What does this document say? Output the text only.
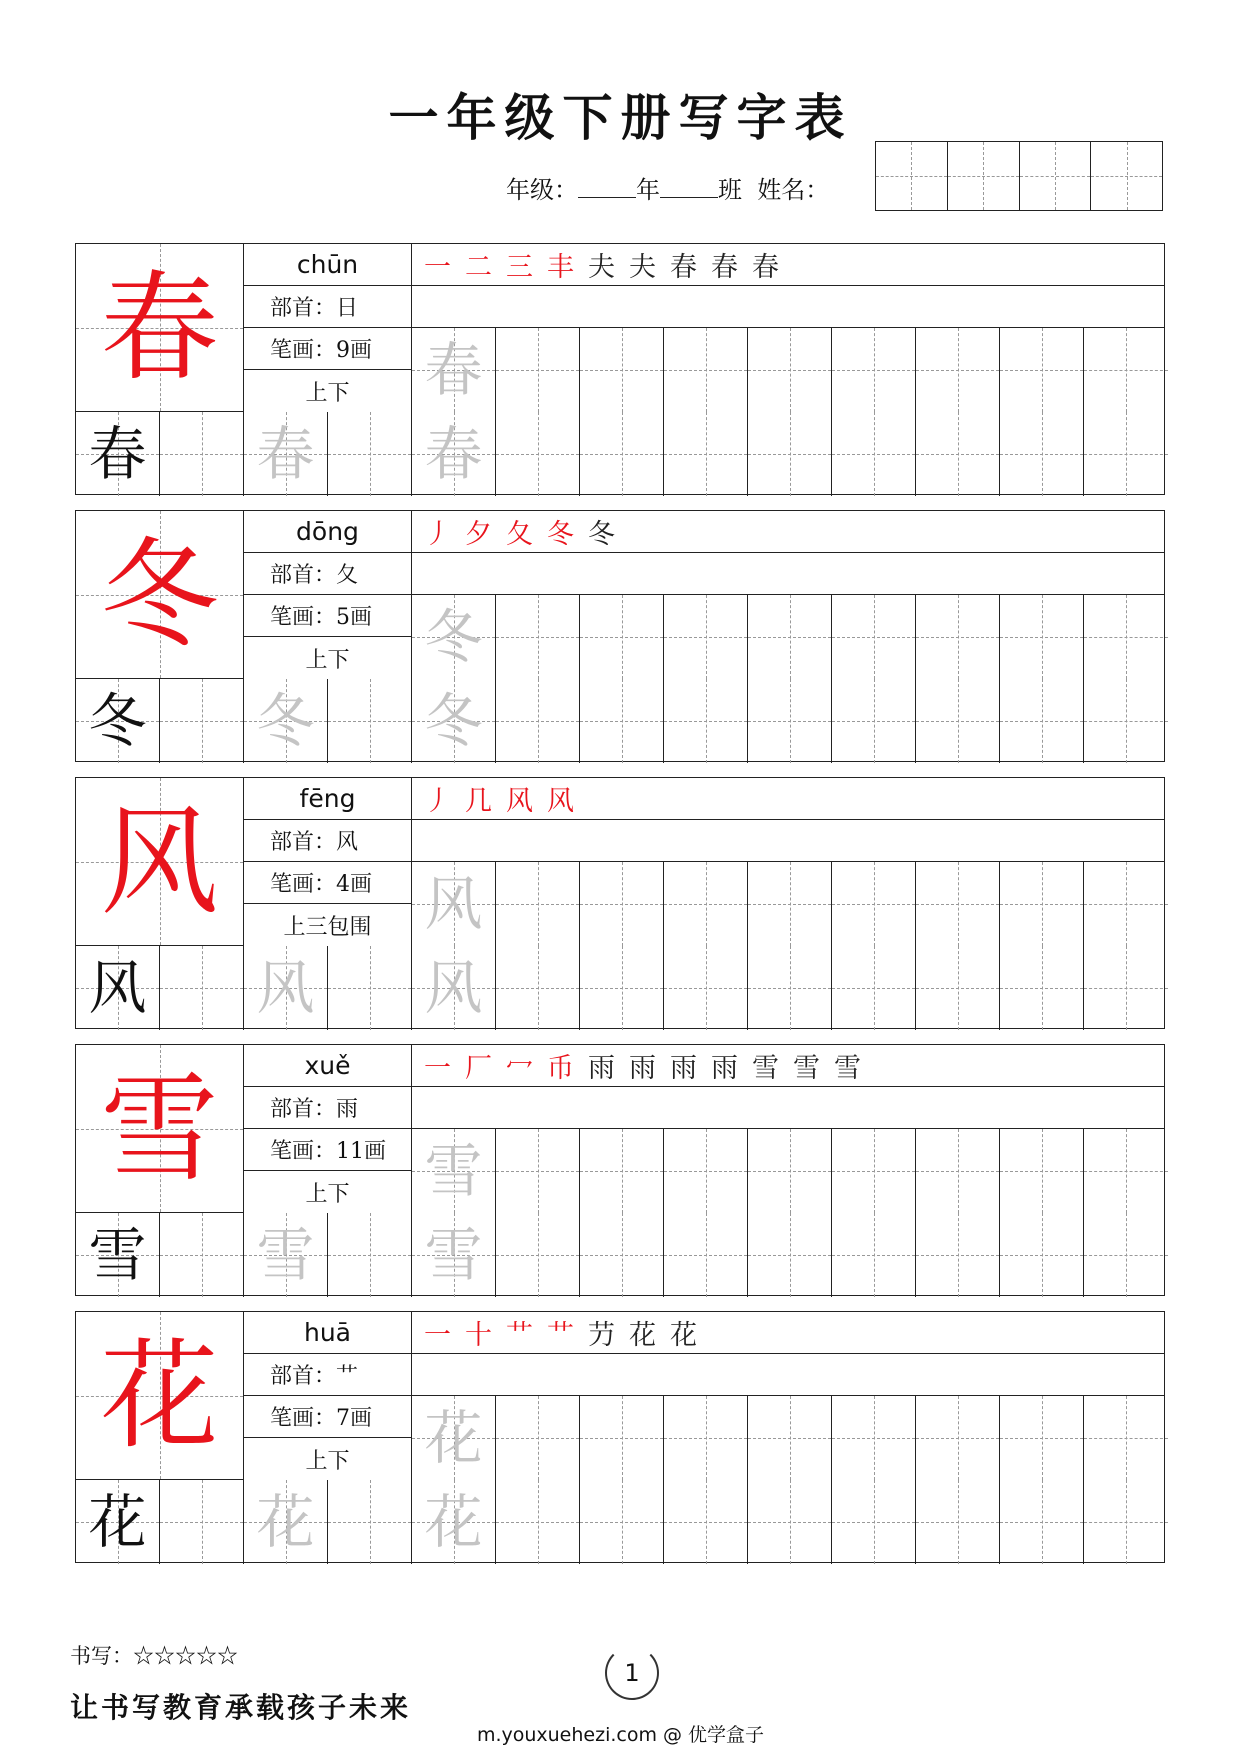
一年级下册写字表
年级： 年 班 姓名：
春	chūn
部首：日
笔画：9画
上下
一 二 三 丰 夫 夫 春 春 春
春
春 春 春
冬	dōng
部首：夂
笔画：5画
上下
丿 夕 夂 冬 冬
冬
冬 冬 冬
风	fēng
部首：风
笔画：4画
上三包围
丿 几 风 风
风
风 风 风
雪	xuě
部首：雨
笔画：11画
上下
一 厂 冖 币 雨 雨 雨 雨 雪 雪 雪
雪
雪 雪 雪
花	huā
部首：艹
笔画：7画
上下
一 十 艹 艹 芀 花 花
花
花 花 花
书写：☆☆☆☆☆
让书写教育承载孩子未来
1
m.youxuehezi.com @ 优学盒子
